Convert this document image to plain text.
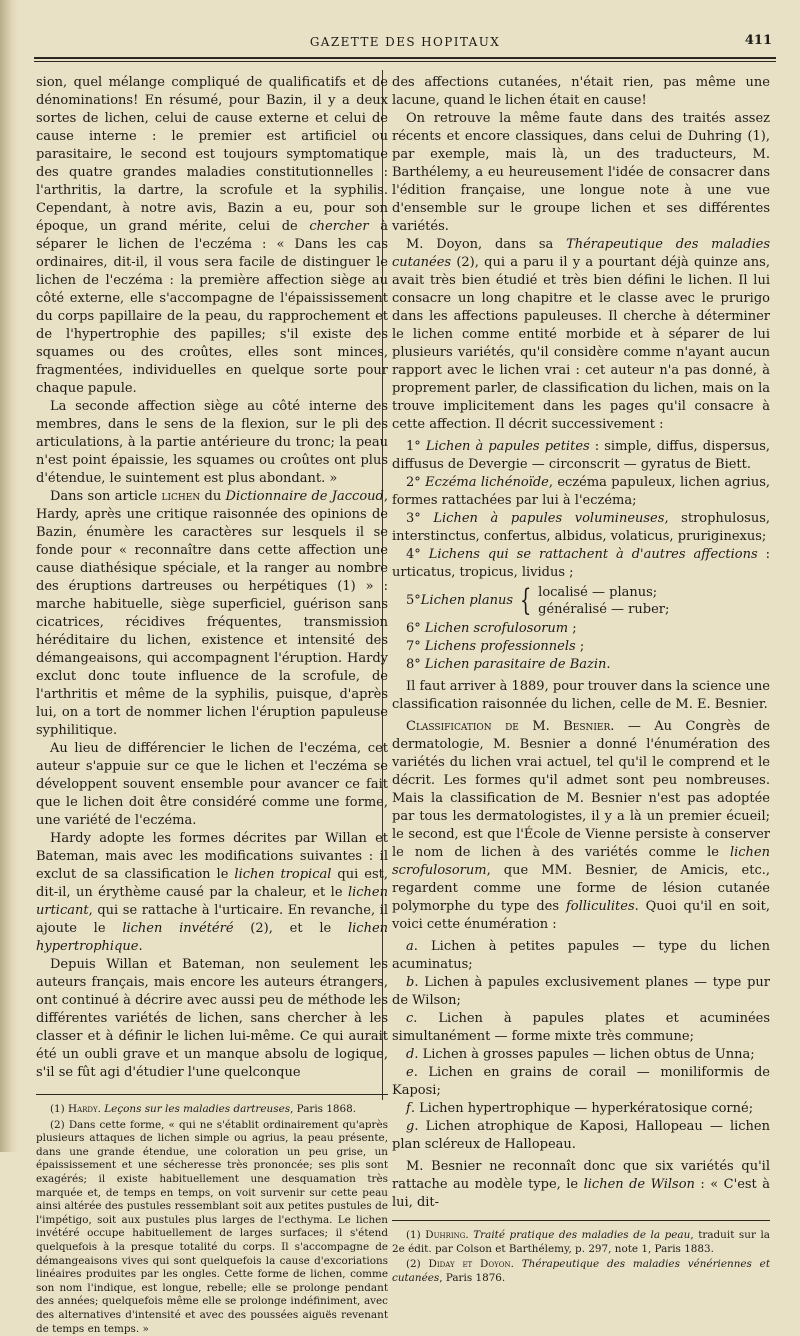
GAZETTE DES HOPITAUX	411

sion, quel mélange compliqué de qualificatifs et de dénominations! En résumé, pour Bazin, il y a deux sortes de lichen, celui de cause externe et celui de cause interne : le premier est artificiel ou parasitaire, le second est toujours symptomatique des quatre grandes maladies constitutionnelles : l'arthritis, la dartre, la scrofule et la syphilis. Cependant, à notre avis, Bazin a eu, pour son époque, un grand mérite, celui de chercher à séparer le lichen de l'eczéma : « Dans les cas ordinaires, dit-il, il vous sera facile de distinguer le lichen de l'eczéma : la première affection siège au côté externe, elle s'accompagne de l'épaississement du corps papillaire de la peau, du rapprochement et de l'hypertrophie des papilles; s'il existe des squames ou des croûtes, elles sont minces, fragmentées, individuelles en quelque sorte pour chaque papule.

La seconde affection siège au côté interne des membres, dans le sens de la flexion, sur le pli des articulations, à la partie antérieure du tronc; la peau n'est point épaissie, les squames ou croûtes ont plus d'étendue, le suintement est plus abondant. »

Dans son article lichen du Dictionnaire de Jaccoud, Hardy, après une critique raisonnée des opinions de Bazin, énumère les caractères sur lesquels il se fonde pour « reconnaître dans cette affection une cause diathésique spéciale, et la ranger au nombre des éruptions dartreuses ou herpétiques (1) » : marche habituelle, siège superficiel, guérison sans cicatrices, récidives fréquentes, transmission héréditaire du lichen, existence et intensité des démangeaisons, qui accompagnent l'éruption. Hardy exclut donc toute influence de la scrofule, de l'arthritis et même de la syphilis, puisque, d'après lui, on a tort de nommer lichen l'éruption papuleuse syphilitique.

Au lieu de différencier le lichen de l'eczéma, cet auteur s'appuie sur ce que le lichen et l'eczéma se développent souvent ensemble pour avancer ce fait que le lichen doit être considéré comme une forme, une variété de l'eczéma.

Hardy adopte les formes décrites par Willan et Bateman, mais avec les modifications suivantes : il exclut de sa classification le lichen tropical qui est, dit-il, un érythème causé par la chaleur, et le lichen urticant, qui se rattache à l'urticaire. En revanche, il ajoute le lichen invétéré (2), et le lichen hypertrophique.

Depuis Willan et Bateman, non seulement les auteurs français, mais encore les auteurs étrangers, ont continué à décrire avec aussi peu de méthode les différentes variétés de lichen, sans chercher à les classer et à définir le lichen lui-même. Ce qui aurait été un oubli grave et un manque absolu de logique, s'il se fût agi d'étudier l'une quelconque

(1) Hardy. Leçons sur les maladies dartreuses, Paris 1868.

(2) Dans cette forme, « qui ne s'établit ordinairement qu'après plusieurs attaques de lichen simple ou agrius, la peau présente, dans une grande étendue, une coloration un peu grise, un épaississement et une sécheresse très prononcée; ses plis sont exagérés; il existe habituellement une desquamation très marquée et, de temps en temps, on voit survenir sur cette peau ainsi altérée des pustules ressemblant soit aux petites pustules de l'impétigo, soit aux pustules plus larges de l'ecthyma. Le lichen invétéré occupe habituellement de larges surfaces; il s'étend quelquefois à la presque totalité du corps. Il s'accompagne de démangeaisons vives qui sont quelquefois la cause d'excoriations linéaires produites par les ongles. Cette forme de lichen, comme son nom l'indique, est longue, rebelle; elle se prolonge pendant des années; quelquefois même elle se prolonge indéfiniment, avec des alternatives d'intensité et avec des poussées aiguës revenant de temps en temps. »

des affections cutanées, n'était rien, pas même une lacune, quand le lichen était en cause!

On retrouve la même faute dans des traités assez récents et encore classiques, dans celui de Duhring (1), par exemple, mais là, un des traducteurs, M. Barthélemy, a eu heureusement l'idée de consacrer dans l'édition française, une longue note à une vue d'ensemble sur le groupe lichen et ses différentes variétés.

M. Doyon, dans sa Thérapeutique des maladies cutanées (2), qui a paru il y a pourtant déjà quinze ans, avait très bien étudié et très bien défini le lichen. Il lui consacre un long chapitre et le classe avec le prurigo dans les affections papuleuses. Il cherche à déterminer le lichen comme entité morbide et à séparer de lui plusieurs variétés, qu'il considère comme n'ayant aucun rapport avec le lichen vrai : cet auteur n'a pas donné, à proprement parler, de classification du lichen, mais on la trouve implicitement dans les pages qu'il consacre à cette affection. Il décrit successivement :

1° Lichen à papules petites : simple, diffus, dispersus, diffusus de Devergie — circonscrit — gyratus de Biett.

2° Eczéma lichénoïde, eczéma papuleux, lichen agrius, formes rattachées par lui à l'eczéma;

3° Lichen à papules volumineuses, strophulosus, interstinctus, confertus, albidus, volaticus, pruriginexus;

4° Lichens qui se rattachent à d'autres affections : urticatus, tropicus, lividus ;

5° Lichen planus { localisé — planus;
généralisé — ruber;

6° Lichen scrofulosorum ;

7° Lichens professionnels ;

8° Lichen parasitaire de Bazin.

Il faut arriver à 1889, pour trouver dans la science une classification raisonnée du lichen, celle de M. E. Besnier.

Classification de M. Besnier. — Au Congrès de dermatologie, M. Besnier a donné l'énumération des variétés du lichen vrai actuel, tel qu'il le comprend et le décrit. Les formes qu'il admet sont peu nombreuses. Mais la classification de M. Besnier n'est pas adoptée par tous les dermatologistes, il y a là un premier écueil; le second, est que l'École de Vienne persiste à conserver le nom de lichen à des variétés comme le lichen scrofulosorum, que MM. Besnier, de Amicis, etc., regardent comme une forme de lésion cutanée polymorphe du type des folliculites. Quoi qu'il en soit, voici cette énumération :

a. Lichen à petites papules — type du lichen acuminatus;

b. Lichen à papules exclusivement planes — type pur de Wilson;

c. Lichen à papules plates et acuminées simultanément — forme mixte très commune;

d. Lichen à grosses papules — lichen obtus de Unna;

e. Lichen en grains de corail — moniliformis de Kaposi;

f. Lichen hypertrophique — hyperkératosique corné;

g. Lichen atrophique de Kaposi, Hallopeau — lichen plan scléreux de Hallopeau.

M. Besnier ne reconnaît donc que six variétés qu'il rattache au modèle type, le lichen de Wilson : « C'est à lui, dit-

(1) Duhring. Traité pratique des maladies de la peau, traduit sur la 2e édit. par Colson et Barthélemy, p. 297, note 1, Paris 1883.

(2) Diday et Doyon. Thérapeutique des maladies vénériennes et cutanées, Paris 1876.
